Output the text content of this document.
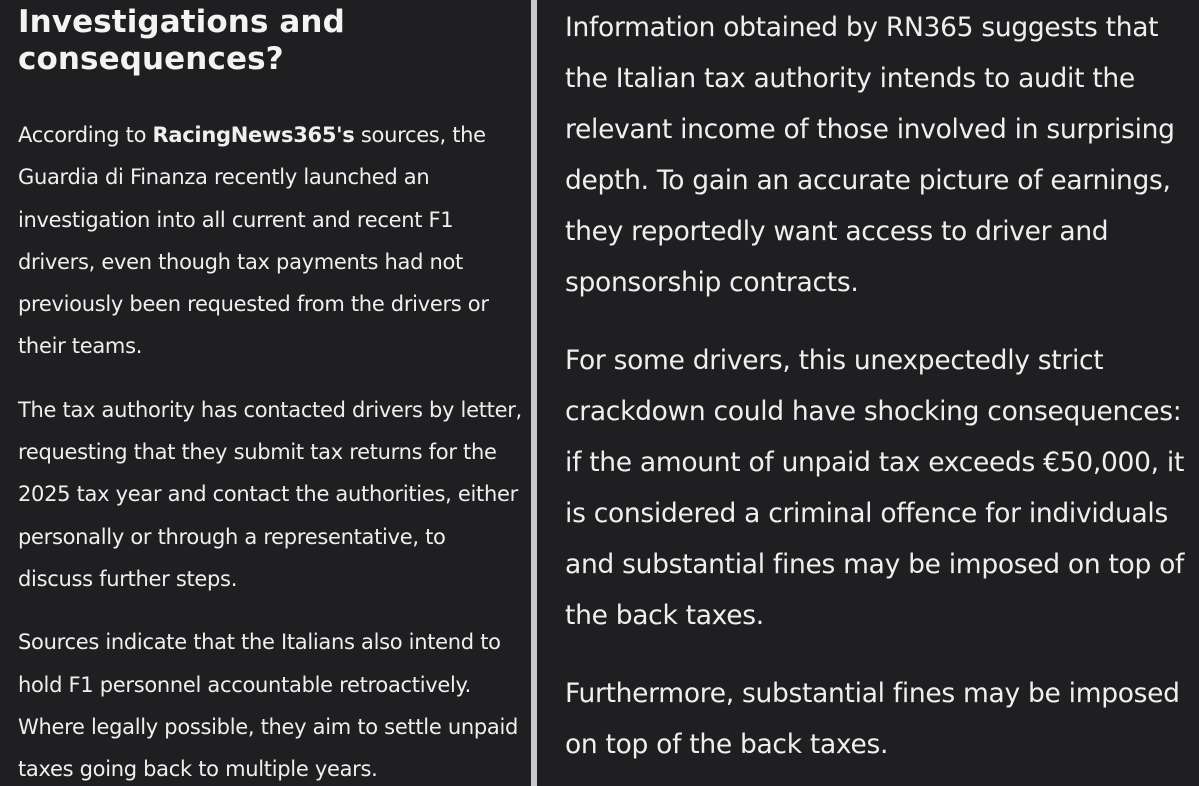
Investigations and consequences?

According to RacingNews365's sources, the Guardia di Finanza recently launched an investigation into all current and recent F1 drivers, even though tax payments had not previously been requested from the drivers or their teams.

The tax authority has contacted drivers by letter, requesting that they submit tax returns for the 2025 tax year and contact the authorities, either personally or through a representative, to discuss further steps.

Sources indicate that the Italians also intend to hold F1 personnel accountable retroactively. Where legally possible, they aim to settle unpaid taxes going back to multiple years.

Information obtained by RN365 suggests that the Italian tax authority intends to audit the relevant income of those involved in surprising depth. To gain an accurate picture of earnings, they reportedly want access to driver and sponsorship contracts.

For some drivers, this unexpectedly strict crackdown could have shocking consequences: if the amount of unpaid tax exceeds €50,000, it is considered a criminal offence for individuals and substantial fines may be imposed on top of the back taxes.

Furthermore, substantial fines may be imposed on top of the back taxes.
